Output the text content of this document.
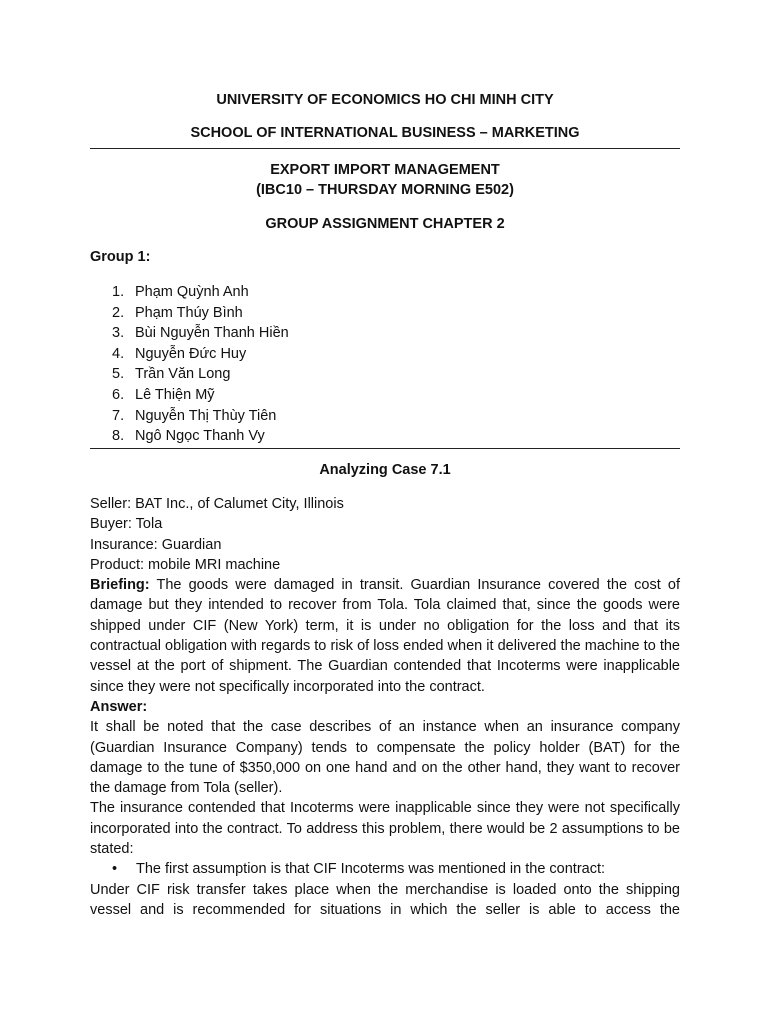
UNIVERSITY OF ECONOMICS HO CHI MINH CITY
SCHOOL OF INTERNATIONAL BUSINESS – MARKETING
EXPORT IMPORT MANAGEMENT
(IBC10 – THURSDAY MORNING E502)
GROUP ASSIGNMENT CHAPTER 2
Group 1:
1. Phạm Quỳnh Anh
2. Phạm Thúy Bình
3. Bùi Nguyễn Thanh Hiền
4. Nguyễn Đức Huy
5. Trần Văn Long
6. Lê Thiện Mỹ
7. Nguyễn Thị Thùy Tiên
8. Ngô Ngọc Thanh Vy
Analyzing Case 7.1

Seller: BAT Inc., of Calumet City, Illinois

Buyer: Tola

Insurance: Guardian

Product: mobile MRI machine

Briefing: The goods were damaged in transit. Guardian Insurance covered the cost of damage but they intended to recover from Tola. Tola claimed that, since the goods were shipped under CIF (New York) term, it is under no obligation for the loss and that its contractual obligation with regards to risk of loss ended when it delivered the machine to the vessel at the port of shipment. The Guardian contended that Incoterms were inapplicable since they were not specifically incorporated into the contract.

Answer:

It shall be noted that the case describes of an instance when an insurance company (Guardian Insurance Company) tends to compensate the policy holder (BAT) for the damage to the tune of $350,000 on one hand and on the other hand, they want to recover the damage from Tola (seller).

The insurance contended that Incoterms were inapplicable since they were not specifically incorporated into the contract. To address this problem, there would be 2 assumptions to be stated:

• The first assumption is that CIF Incoterms was mentioned in the contract:

Under CIF risk transfer takes place when the merchandise is loaded onto the shipping vessel and is recommended for situations in which the seller is able to access the
